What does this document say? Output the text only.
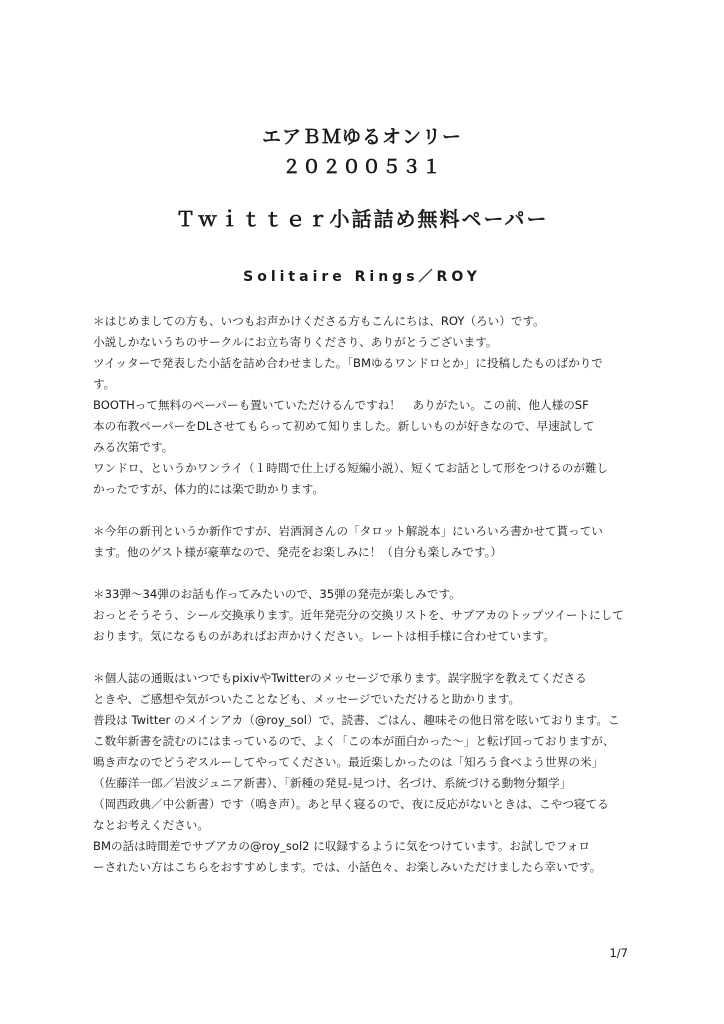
エアＢＭゆるオンリー
２０２００５３１
Ｔｗｉｔｔｅｒ小話詰め無料ペーパー
Solitaire Rings／ROY
＊はじめましての方も、いつもお声かけくださる方もこんにちは、ROY（ろい）です。
小説しかないうちのサークルにお立ち寄りくださり、ありがとうございます。
ツイッターで発表した小話を詰め合わせました。「BMゆるワンドロとか」に投稿したものばかりで
す。
BOOTHって無料のペーパーも置いていただけるんですね！　ありがたい。この前、他人様のSF
本の布教ペーパーをDLさせてもらって初めて知りました。新しいものが好きなので、早速試して
みる次第です。
ワンドロ、というかワンライ（１時間で仕上げる短編小説）、短くてお話として形をつけるのが難し
かったですが、体力的には楽で助かります。
＊今年の新刊というか新作ですが、岩酒洞さんの「タロット解説本」にいろいろ書かせて貰ってい
ます。他のゲスト様が豪華なので、発売をお楽しみに！（自分も楽しみです。）
＊33弾～34弾のお話も作ってみたいので、35弾の発売が楽しみです。
おっとそうそう、シール交換承ります。近年発売分の交換リストを、サブアカのトップツイートにして
おります。気になるものがあればお声かけください。レートは相手様に合わせています。
＊個人誌の通販はいつでもpixivやTwitterのメッセージで承ります。誤字脱字を教えてくださる
ときや、ご感想や気がついたことなども、メッセージでいただけると助かります。
普段は Twitter のメインアカ（@roy_sol）で、読書、ごはん、趣味その他日常を呟いております。こ
こ数年新書を読むのにはまっているので、よく「この本が面白かった～」と転げ回っておりますが、
鳴き声なのでどうぞスルーしてやってください。最近楽しかったのは「知ろう食べよう世界の米」
（佐藤洋一郎／岩波ジュニア新書）、「新種の発見-見つけ、名づけ、系統づける動物分類学」
（岡西政典／中公新書）です（鳴き声）。あと早く寝るので、夜に反応がないときは、こやつ寝てる
なとお考えください。
BMの話は時間差でサブアカの@roy_sol2 に収録するように気をつけています。お試しでフォロ
ーされたい方はこちらをおすすめします。では、小話色々、お楽しみいただけましたら幸いです。
1/7
